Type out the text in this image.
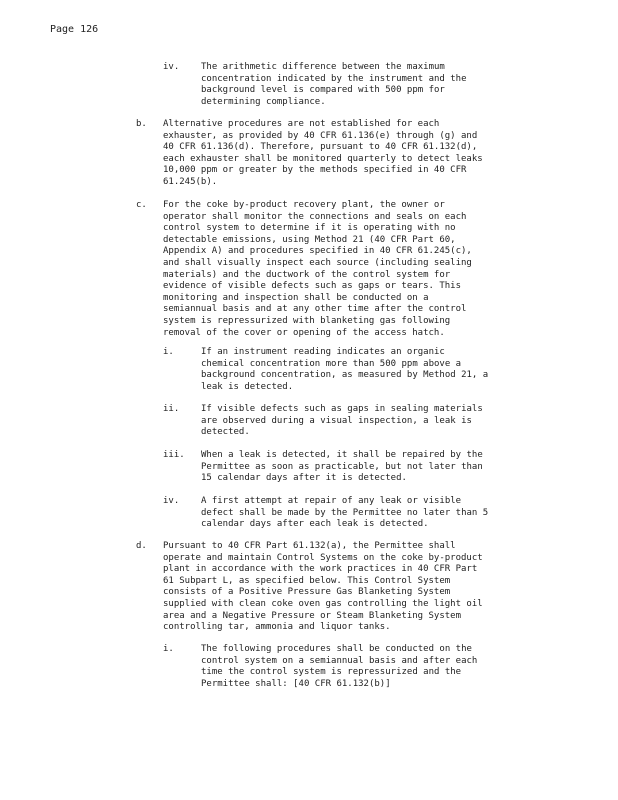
Page 126
iv. The arithmetic difference between the maximum
concentration indicated by the instrument and the
background level is compared with 500 ppm for
determining compliance.
b. Alternative procedures are not established for each
exhauster, as provided by 40 CFR 61.136(e) through (g) and
40 CFR 61.136(d). Therefore, pursuant to 40 CFR 61.132(d),
each exhauster shall be monitored quarterly to detect leaks
10,000 ppm or greater by the methods specified in 40 CFR
61.245(b).
c. For the coke by-product recovery plant, the owner or
operator shall monitor the connections and seals on each
control system to determine if it is operating with no
detectable emissions, using Method 21 (40 CFR Part 60,
Appendix A) and procedures specified in 40 CFR 61.245(c),
and shall visually inspect each source (including sealing
materials) and the ductwork of the control system for
evidence of visible defects such as gaps or tears. This
monitoring and inspection shall be conducted on a
semiannual basis and at any other time after the control
system is repressurized with blanketing gas following
removal of the cover or opening of the access hatch.
i.	If an instrument reading indicates an organic
chemical concentration more than 500 ppm above a
background concentration, as measured by Method 21, a
leak is detected.
ii. If visible defects such as gaps in sealing materials
are observed during a visual inspection, a leak is
detected.
iii. When a leak is detected, it shall be repaired by the
Permittee as soon as practicable, but not later than
15 calendar days after it is detected.
iv. A first attempt at repair of any leak or visible
defect shall be made by the Permittee no later than 5
calendar days after each leak is detected.
d. Pursuant to 40 CFR Part 61.132(a), the Permittee shall
operate and maintain Control Systems on the coke by-product
plant in accordance with the work practices in 40 CFR Part
61 Subpart L, as specified below. This Control System
consists of a Positive Pressure Gas Blanketing System
supplied with clean coke oven gas controlling the light oil
area and a Negative Pressure or Steam Blanketing System
controlling tar, ammonia and liquor tanks.
i.	The following procedures shall be conducted on the
control system on a semiannual basis and after each
time the control system is repressurized and the
Permittee shall: [40 CFR 61.132(b)]
